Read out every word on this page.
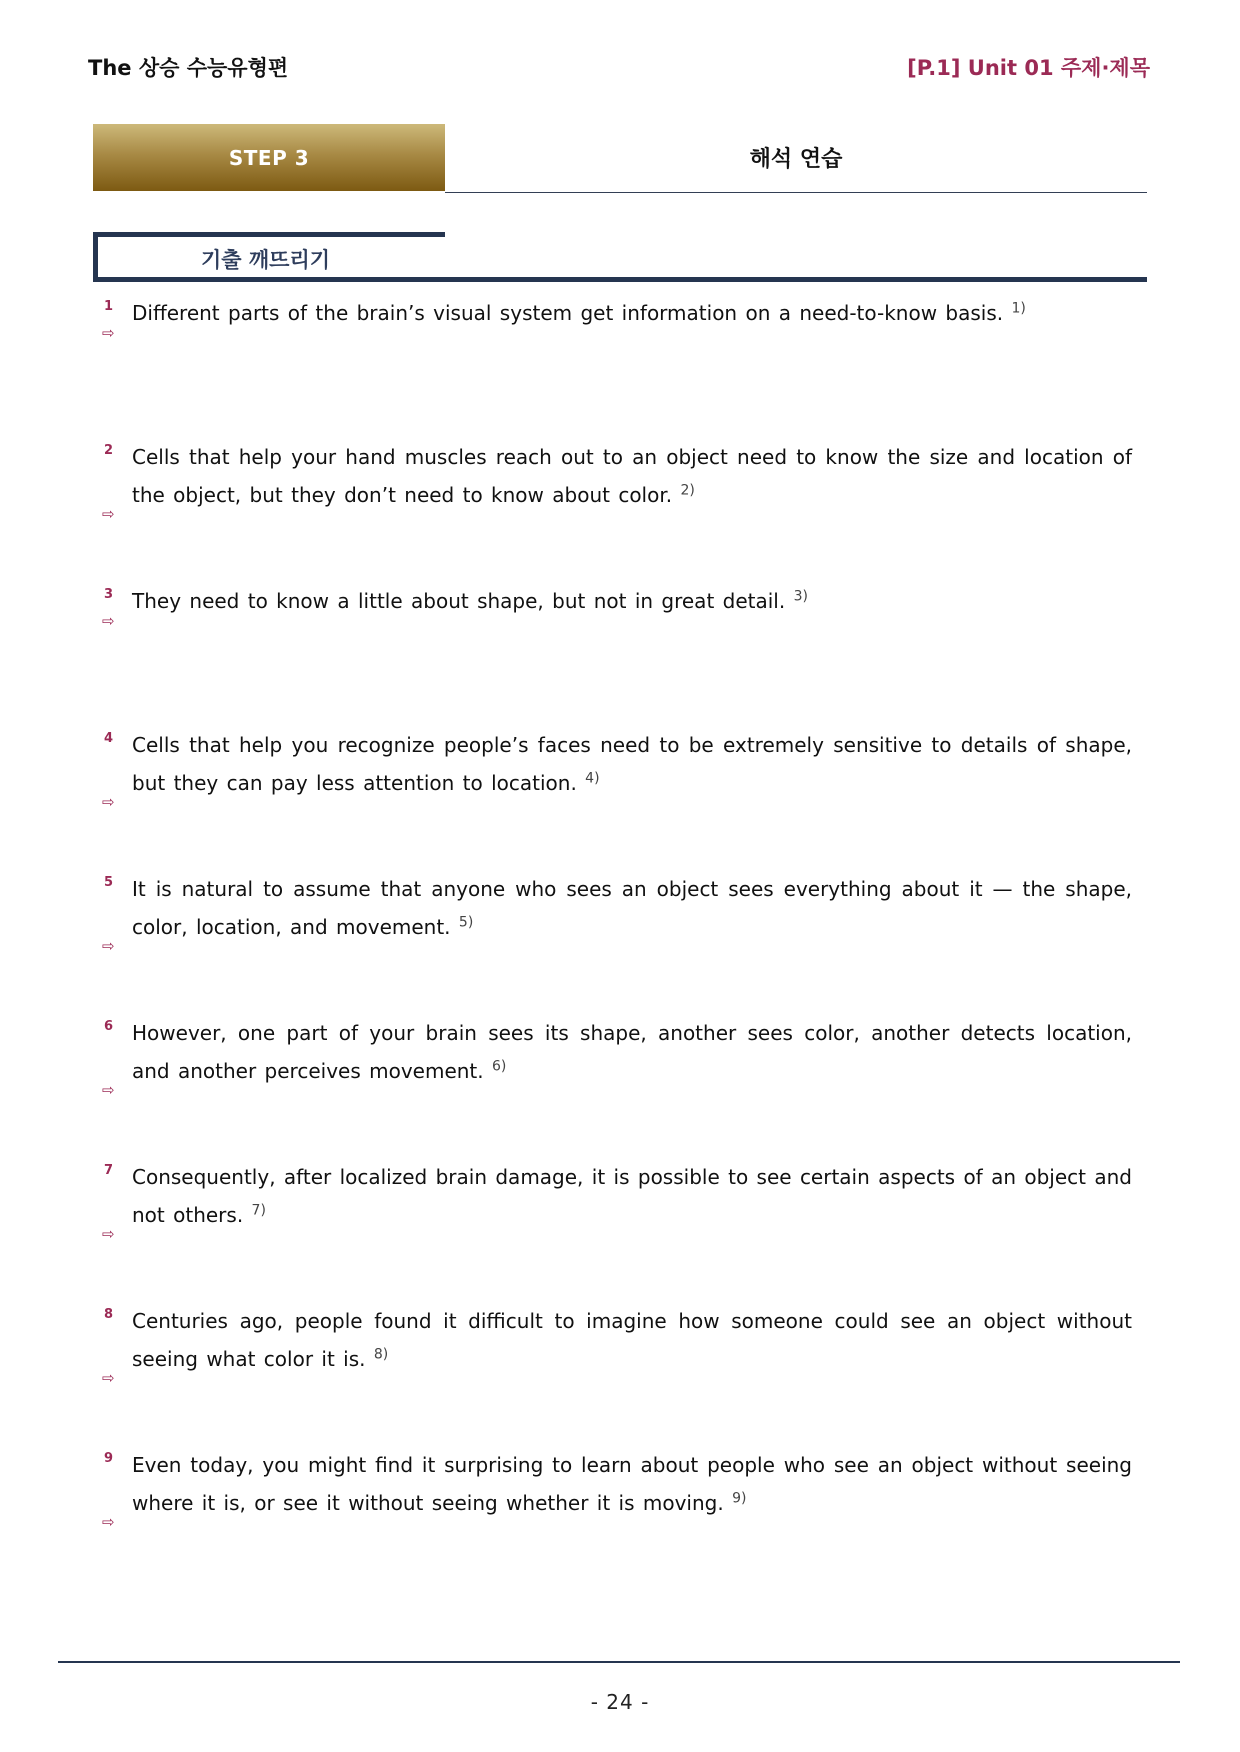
The 상승 수능유형편	[P.1] Unit 01 주제·제목
STEP 3	해석 연습
기출 깨뜨리기
1 Different parts of the brain’s visual system get information on a need-to-know basis. $^{1)}$
⇨
2 Cells that help your hand muscles reach out to an object need to know the size and location of the object, but they don’t need to know about color. $^{2)}$
⇨
3 They need to know a little about shape, but not in great detail. $^{3)}$
⇨
4 Cells that help you recognize people’s faces need to be extremely sensitive to details of shape, but they can pay less attention to location. $^{4)}$
⇨
5 It is natural to assume that anyone who sees an object sees everything about it — the shape, color, location, and movement. $^{5)}$
⇨
6 However, one part of your brain sees its shape, another sees color, another detects location, and another perceives movement. $^{6)}$
⇨
7 Consequently, after localized brain damage, it is possible to see certain aspects of an object and not others. $^{7)}$
⇨
8 Centuries ago, people found it difficult to imagine how someone could see an object without seeing what color it is. $^{8)}$
⇨
9 Even today, you might find it surprising to learn about people who see an object without seeing where it is, or see it without seeing whether it is moving. $^{9)}$
⇨
- 24 -
